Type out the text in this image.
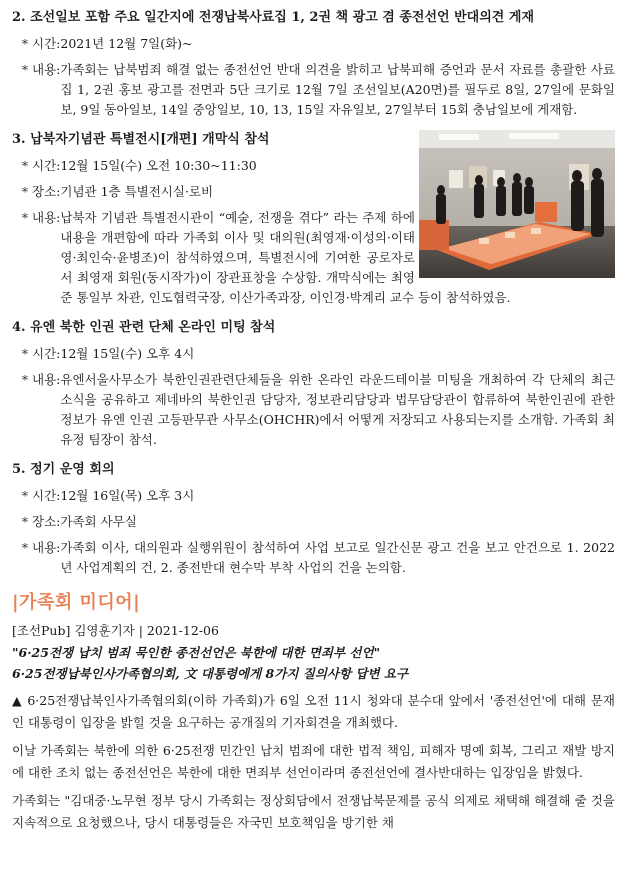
2. 조선일보 포함 주요 일간지에 전쟁납북사료집 1, 2권 책 광고 겸 종전선언 반대의견 게재
* 시간: 2021년 12월 7일(화)~
* 내용: 가족회는 납북범죄 해결 없는 종전선언 반대 의견을 밝히고 납북피해 증언과 문서 자료를 총괄한 사료집 1, 2권 홍보 광고를 전면과 5단 크기로 12월 7일 조선일보(A20면)를 필두로 8일, 27일에 문화일보, 9일 동아일보, 14일 중앙일보, 10, 13, 15일 자유일보, 27일부터 15회 충남일보에 게재함.
3. 납북자기념관 특별전시[개편] 개막식 참석
* 시간: 12월 15일(수) 오전 10:30~11:30
* 장소: 기념관 1층 특별전시실·로비
* 내용: 납북자 기념관 특별전시관이 “예술, 전쟁을 겪다” 라는 주제 하에 내용을 개편함에 따라 가족회 이사 및 대의원(최영재·이성의·이태영·최인숙·윤병조)이 참석하였으며, 특별전시에 기여한 공로자로서 최영재 회원(동시작가)이 장관표창을 수상함. 개막식에는 최영준 통일부 차관, 인도협력국장, 이산가족과장, 이인경·박계리 교수 등이 참석하였음.
4. 유엔 북한 인권 관련 단체 온라인 미팅 참석
* 시간: 12월 15일(수) 오후 4시
* 내용: 유엔서울사무소가 북한인권관련단체들을 위한 온라인 라운드테이블 미팅을 개최하여 각 단체의 최근 소식을 공유하고 제네바의 북한인권 담당자, 정보관리담당과 법무담당관이 합류하여 북한인권에 관한 정보가 유엔 인권 고등판무관 사무소(OHCHR)에서 어떻게 저장되고 사용되는지를 소개함. 가족회 최유정 팀장이 참석.
5. 정기 운영 회의
* 시간: 12월 16일(목) 오후 3시
* 장소: 가족회 사무실
* 내용: 가족회 이사, 대의원과 실행위원이 참석하여 사업 보고로 일간신문 광고 건을 보고 안건으로 1. 2022년 사업계획의 건, 2. 종전반대 현수막 부착 사업의 건을 논의함.
|가족회 미디어|
[조선Pub] 김영훈기자 | 2021-12-06
"6·25전쟁 납치 범죄 묵인한 종전선언은 북한에 대한 면죄부 선언"
6·25전쟁납북인사가족협의회, 文 대통령에게 8가지 질의사항 답변 요구
▲ 6·25전쟁납북인사가족협의회(이하 가족회)가 6일 오전 11시 청와대 분수대 앞에서 '종전선언'에 대해 문재인 대통령이 입장을 밝힐 것을 요구하는 공개질의 기자회견을 개최했다.
이날 가족회는 북한에 의한 6·25전쟁 민간인 납치 범죄에 대한 법적 책임, 피해자 명예 회복, 그리고 재발 방지에 대한 조치 없는 종전선언은 북한에 대한 면죄부 선언이라며 종전선언에 결사반대하는 입장임을 밝혔다.
가족회는 "김대중·노무현 정부 당시 가족회는 정상회담에서 전쟁납북문제를 공식 의제로 채택해 해결해 줄 것을 지속적으로 요청했으나, 당시 대통령들은 자국민 보호책임을 방기한 채
